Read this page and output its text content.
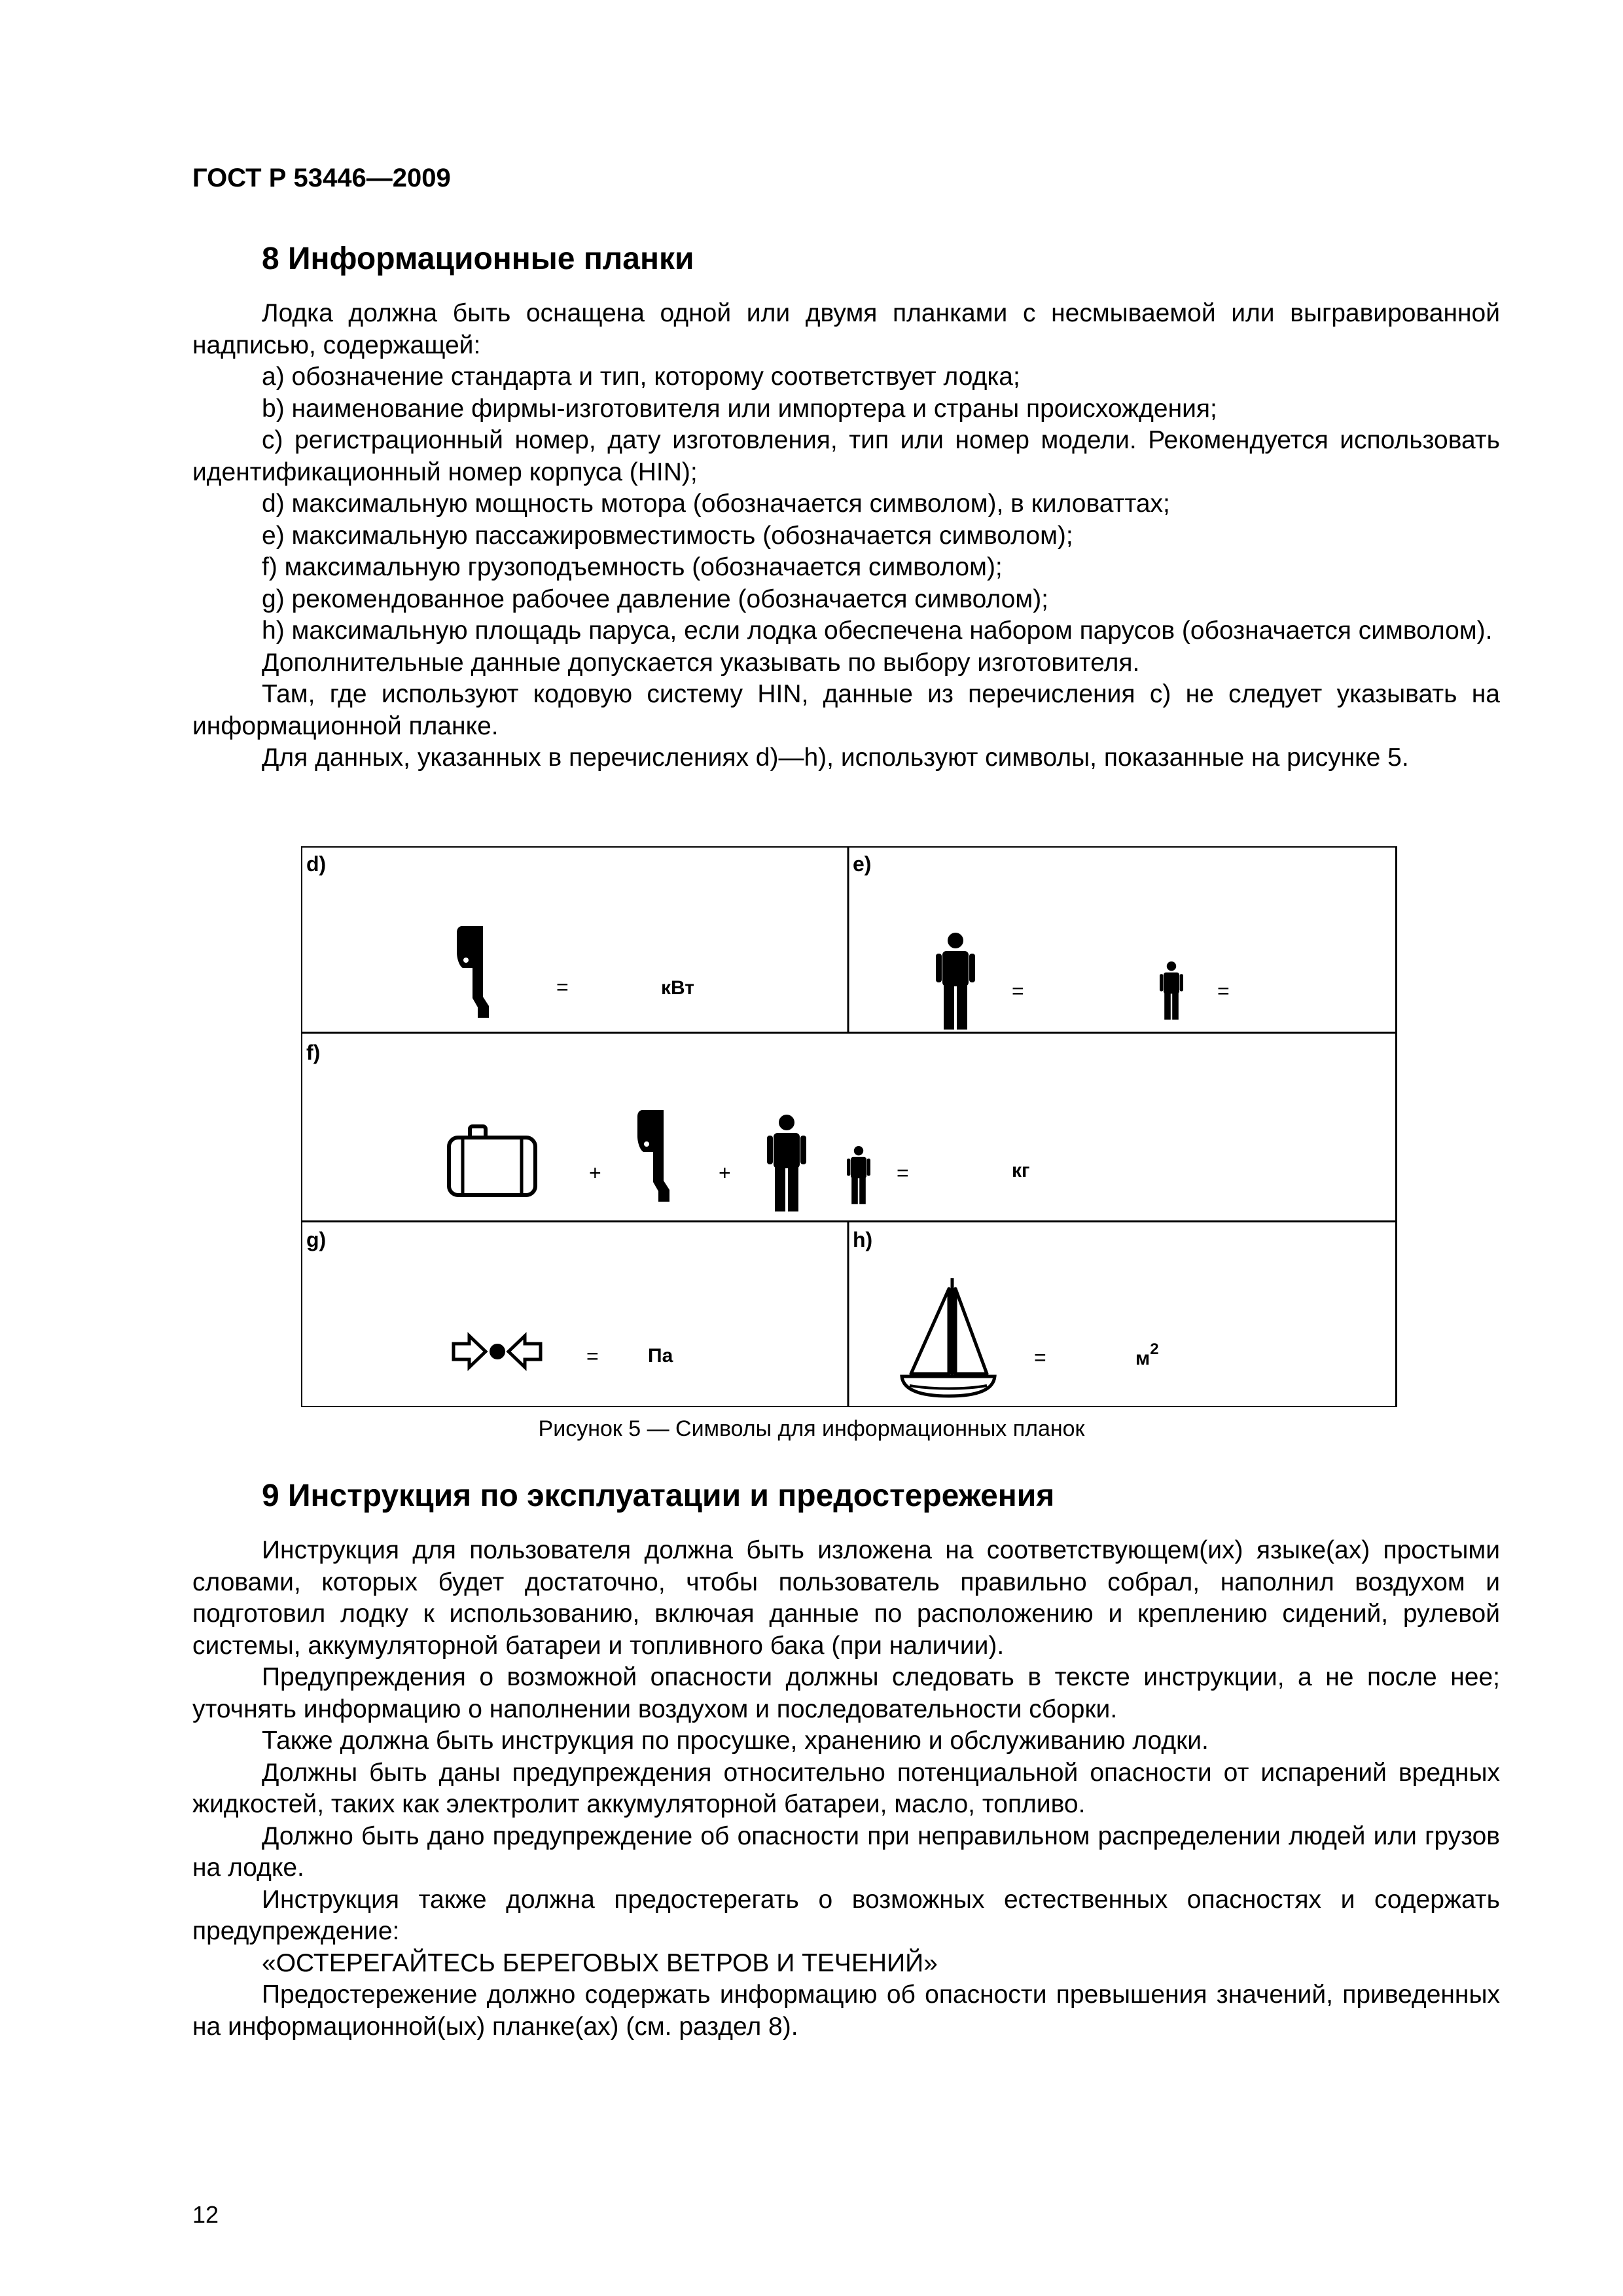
ГОСТ Р 53446—2009
8 Информационные планки

Лодка должна быть оснащена одной или двумя планками с несмываемой или выгравированной надписью, содержащей:

а) обозначение стандарта и тип, которому соответствует лодка;

b) наименование фирмы-изготовителя или импортера и страны происхождения;

с) регистрационный номер, дату изготовления, тип или номер модели. Рекомендуется использовать идентификационный номер корпуса (HIN);

d) максимальную мощность мотора (обозначается символом), в киловаттах;

е) максимальную пассажировместимость (обозначается символом);

f) максимальную грузоподъемность (обозначается символом);

g) рекомендованное рабочее давление (обозначается символом);

h) максимальную площадь паруса, если лодка обеспечена набором парусов (обозначается символом).

Дополнительные данные допускается указывать по выбору изготовителя.

Там, где используют кодовую систему HIN, данные из перечисления с) не следует указывать на информационной планке.

Для данных, указанных в перечислениях d)—h), используют символы, показанные на рисунке 5.

d)
=	кВт
e)
=	=
f)
+	+	=	кг
g)
=	Па
h)
=	$м^2$
Рисунок 5 — Символы для информационных планок
9 Инструкция по эксплуатации и предостережения

Инструкция для пользователя должна быть изложена на соответствующем(их) языке(ах) простыми словами, которых будет достаточно, чтобы пользователь правильно собрал, наполнил воздухом и подготовил лодку к использованию, включая данные по расположению и креплению сидений, рулевой системы, аккумуляторной батареи и топливного бака (при наличии).

Предупреждения о возможной опасности должны следовать в тексте инструкции, а не после нее; уточнять информацию о наполнении воздухом и последовательности сборки.

Также должна быть инструкция по просушке, хранению и обслуживанию лодки.

Должны быть даны предупреждения относительно потенциальной опасности от испарений вредных жидкостей, таких как электролит аккумуляторной батареи, масло, топливо.

Должно быть дано предупреждение об опасности при неправильном распределении людей или грузов на лодке.

Инструкция также должна предостерегать о возможных естественных опасностях и содержать предупреждение:

«ОСТЕРЕГАЙТЕСЬ БЕРЕГОВЫХ ВЕТРОВ И ТЕЧЕНИЙ»

Предостережение должно содержать информацию об опасности превышения значений, приведенных на информационной(ых) планке(ах) (см. раздел 8).

12
